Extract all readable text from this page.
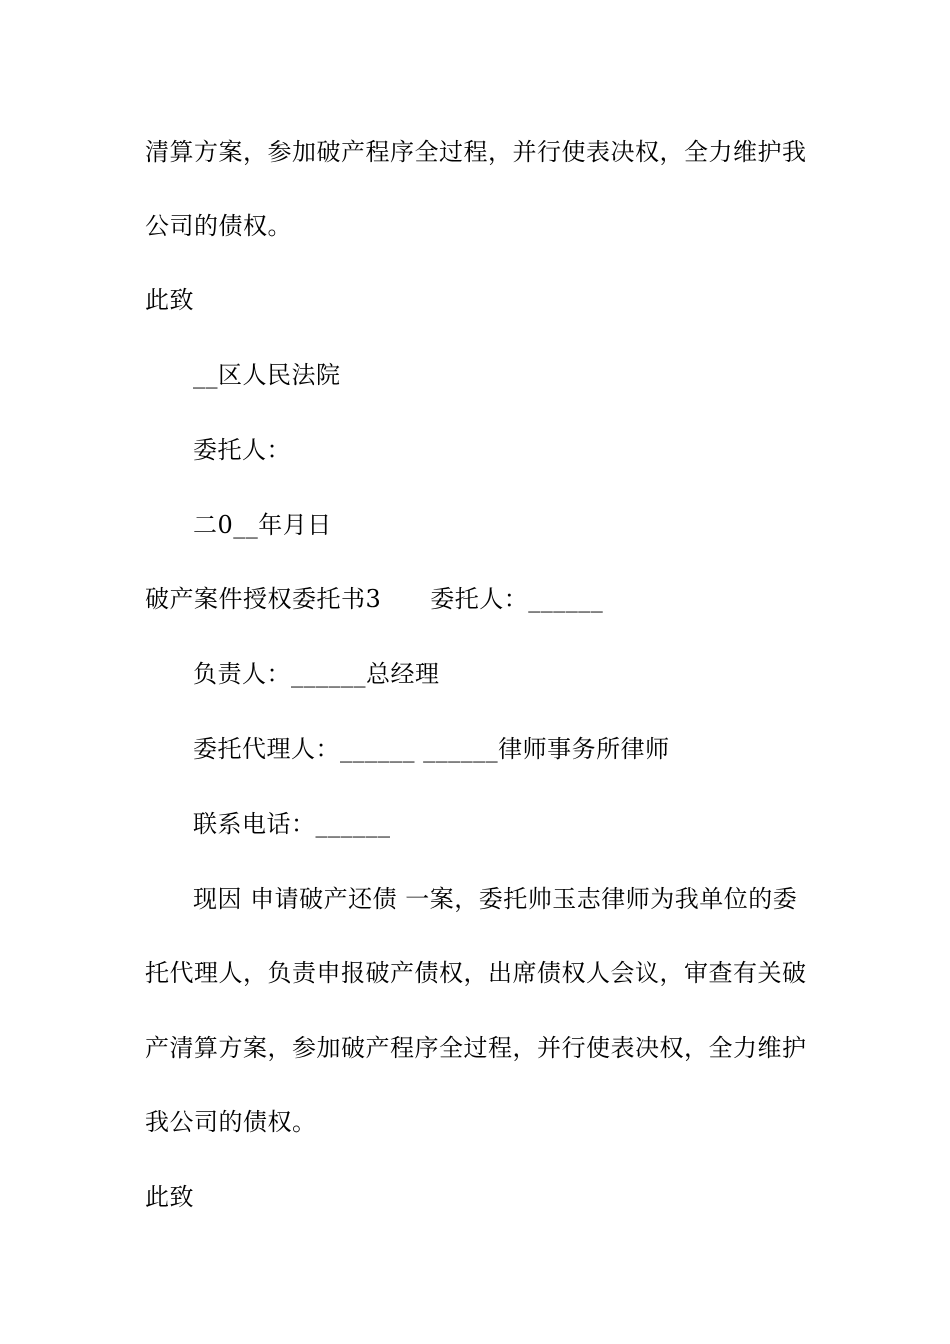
清算方案，参加破产程序全过程，并行使表决权，全力维护我
公司的债权。
此致
__区人民法院
委托人：
二0__年月日
破产案件授权委托书3　　委托人：______
负责人：______总经理
委托代理人：______ ______律师事务所律师
联系电话：______
现因 申请破产还债 一案，委托帅玉志律师为我单位的委
托代理人，负责申报破产债权，出席债权人会议，审查有关破
产清算方案，参加破产程序全过程，并行使表决权，全力维护
我公司的债权。
此致
